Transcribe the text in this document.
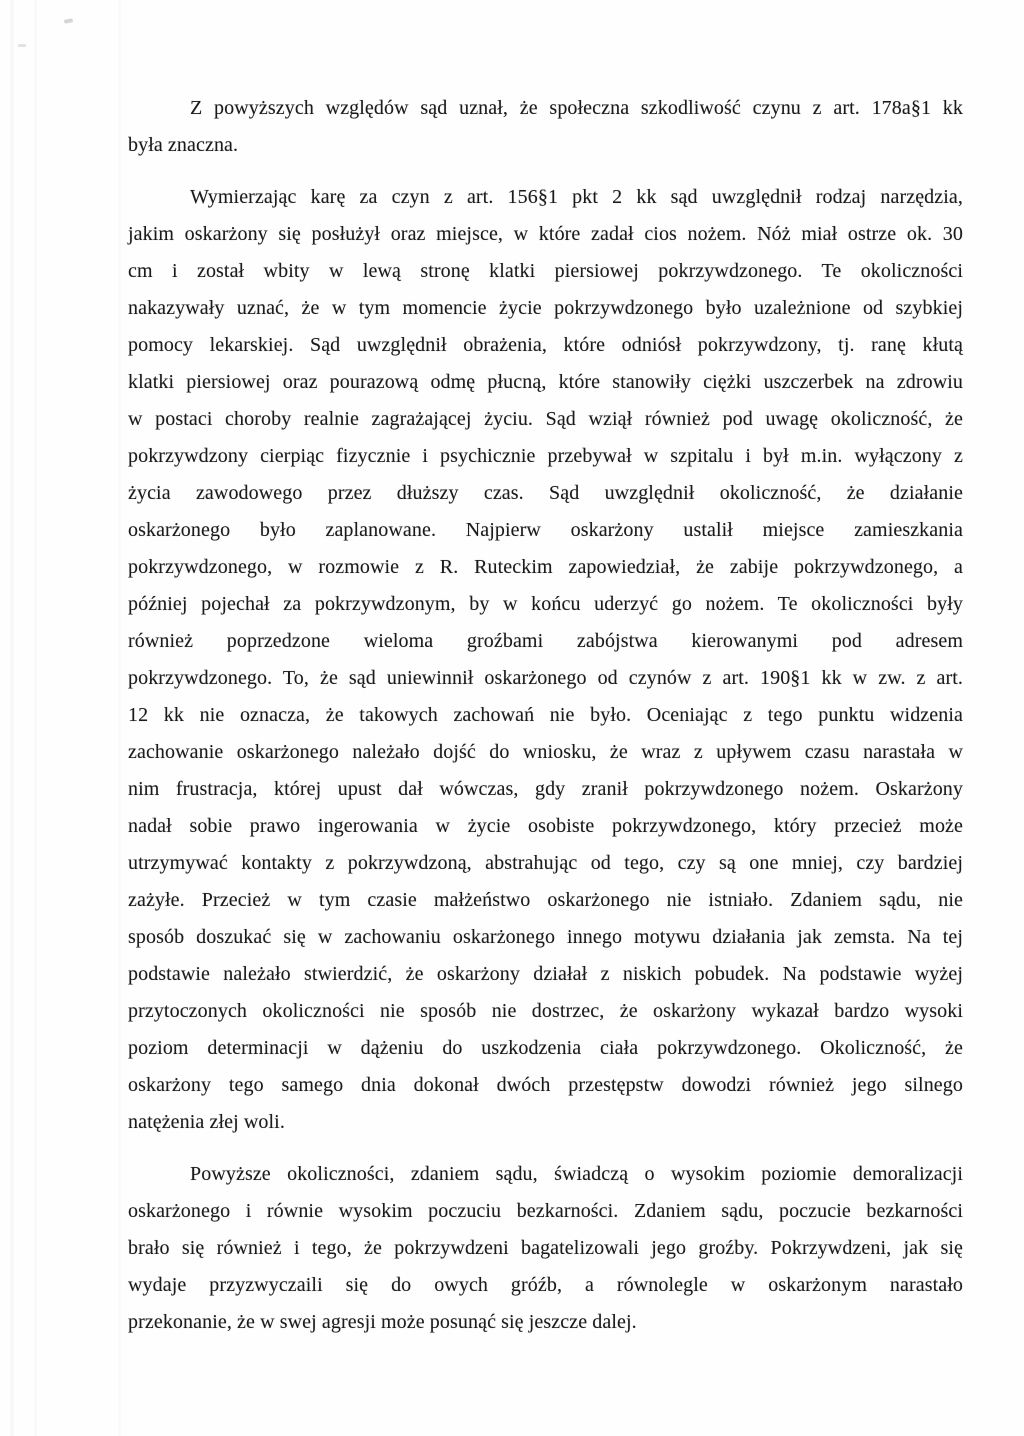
Z powyższych względów sąd uznał, że społeczna szkodliwość czynu z art. 178a§1 kk
była znaczna.
Wymierzając karę za czyn z art. 156§1 pkt 2 kk sąd uwzględnił rodzaj narzędzia,
jakim oskarżony się posłużył oraz miejsce, w które zadał cios nożem. Nóż miał ostrze ok. 30
cm i został wbity w lewą stronę klatki piersiowej pokrzywdzonego. Te okoliczności
nakazywały uznać, że w tym momencie życie pokrzywdzonego było uzależnione od szybkiej
pomocy lekarskiej. Sąd uwzględnił obrażenia, które odniósł pokrzywdzony, tj. ranę kłutą
klatki piersiowej oraz pourazową odmę płucną, które stanowiły ciężki uszczerbek na zdrowiu
w postaci choroby realnie zagrażającej życiu. Sąd wziął również pod uwagę okoliczność, że
pokrzywdzony cierpiąc fizycznie i psychicznie przebywał w szpitalu i był m.in. wyłączony z
życia zawodowego przez dłuższy czas. Sąd uwzględnił okoliczność, że działanie
oskarżonego było zaplanowane. Najpierw oskarżony ustalił miejsce zamieszkania
pokrzywdzonego, w rozmowie z R. Ruteckim zapowiedział, że zabije pokrzywdzonego, a
później pojechał za pokrzywdzonym, by w końcu uderzyć go nożem. Te okoliczności były
również poprzedzone wieloma groźbami zabójstwa kierowanymi pod adresem
pokrzywdzonego. To, że sąd uniewinnił oskarżonego od czynów z art. 190§1 kk w zw. z art.
12 kk nie oznacza, że takowych zachowań nie było. Oceniając z tego punktu widzenia
zachowanie oskarżonego należało dojść do wniosku, że wraz z upływem czasu narastała w
nim frustracja, której upust dał wówczas, gdy zranił pokrzywdzonego nożem. Oskarżony
nadał sobie prawo ingerowania w życie osobiste pokrzywdzonego, który przecież może
utrzymywać kontakty z pokrzywdzoną, abstrahując od tego, czy są one mniej, czy bardziej
zażyłe. Przecież w tym czasie małżeństwo oskarżonego nie istniało. Zdaniem sądu, nie
sposób doszukać się w zachowaniu oskarżonego innego motywu działania jak zemsta. Na tej
podstawie należało stwierdzić, że oskarżony działał z niskich pobudek. Na podstawie wyżej
przytoczonych okoliczności nie sposób nie dostrzec, że oskarżony wykazał bardzo wysoki
poziom determinacji w dążeniu do uszkodzenia ciała pokrzywdzonego. Okoliczność, że
oskarżony tego samego dnia dokonał dwóch przestępstw dowodzi również jego silnego
natężenia złej woli.
Powyższe okoliczności, zdaniem sądu, świadczą o wysokim poziomie demoralizacji
oskarżonego i równie wysokim poczuciu bezkarności. Zdaniem sądu, poczucie bezkarności
brało się również i tego, że pokrzywdzeni bagatelizowali jego groźby. Pokrzywdzeni, jak się
wydaje przyzwyczaili się do owych gróźb, a równolegle w oskarżonym narastało
przekonanie, że w swej agresji może posunąć się jeszcze dalej.
